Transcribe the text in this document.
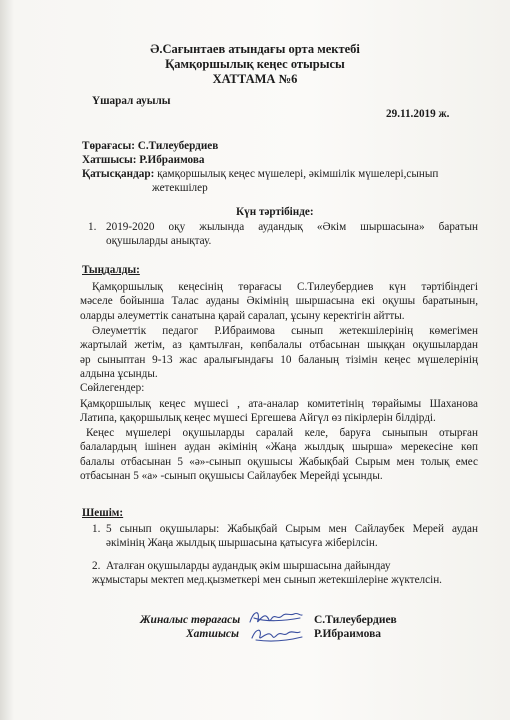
Ә.Сағынтаев атындағы орта мектебі
Қамқоршылық кеңес отырысы
ХАТТАМА №6
Үшарал ауылы
29.11.2019 ж.
Төрағасы: С.Тилеубердиев
Хатшысы: Р.Ибраимова
Қатысқандар: қамқоршылық кеңес мүшелері, әкімшілік мүшелері,сынып
жетекшілер
Күн тәртібінде:
1. 2019-2020 оқу жылында аудандық «Әкім шыршасына» баратын
оқушыларды анықтау.
Тыңдалды:
Қамқоршылық кеңесінің төрағасы С.Тилеубердиев күн тәртібіндегі
мәселе бойынша Талас ауданы Әкімінің шыршасына екі оқушы баратынын,
оларды әлеуметтік санатына қарай саралап, ұсыну керектігін айтты.
Әлеуметтік педагог Р.Ибраимова сынып жетекшілерінің көмегімен
жартылай жетім, аз қамтылған, көпбалалы отбасынан шыққан оқушылардан
әр сыныптан 9-13 жас аралығындағы 10 баланың тізімін кеңес мүшелерінің
алдына ұсынды.
Сөйлегендер:
Қамқоршылық кеңес мүшесі , ата-аналар комитетінің төрайымы Шаханова
Латипа, қақоршылық кеңес мүшесі Ергешева Айгүл өз пікірлерін білдірді.
Кеңес мүшелері оқушыларды саралай келе, баруға сыныпын отырған
балалардың ішінен аудан әкімінің «Жаңа жылдық шырша» мерекесіне көп
балалы отбасынан 5 «ә»-сынып оқушысы Жабықбай Сырым мен толық емес
отбасынан 5 «а» -сынып оқушысы Сайлаубек Мерейді ұсынды.
Шешім:
1. 5 сынып оқушылары: Жабықбай Сырым мен Сайлаубек Мерей аудан
әкімінің Жаңа жылдық шыршасына қатысуға жіберілсін.
2. Аталған оқушыларды аудандық әкім шыршасына дайындау
жұмыстары мектеп мед.қызметкері мен сынып жетекшілеріне жүктелсін.
Жиналыс төрағасы
Хатшысы
С.Тилеубердиев
Р.Ибраимова
